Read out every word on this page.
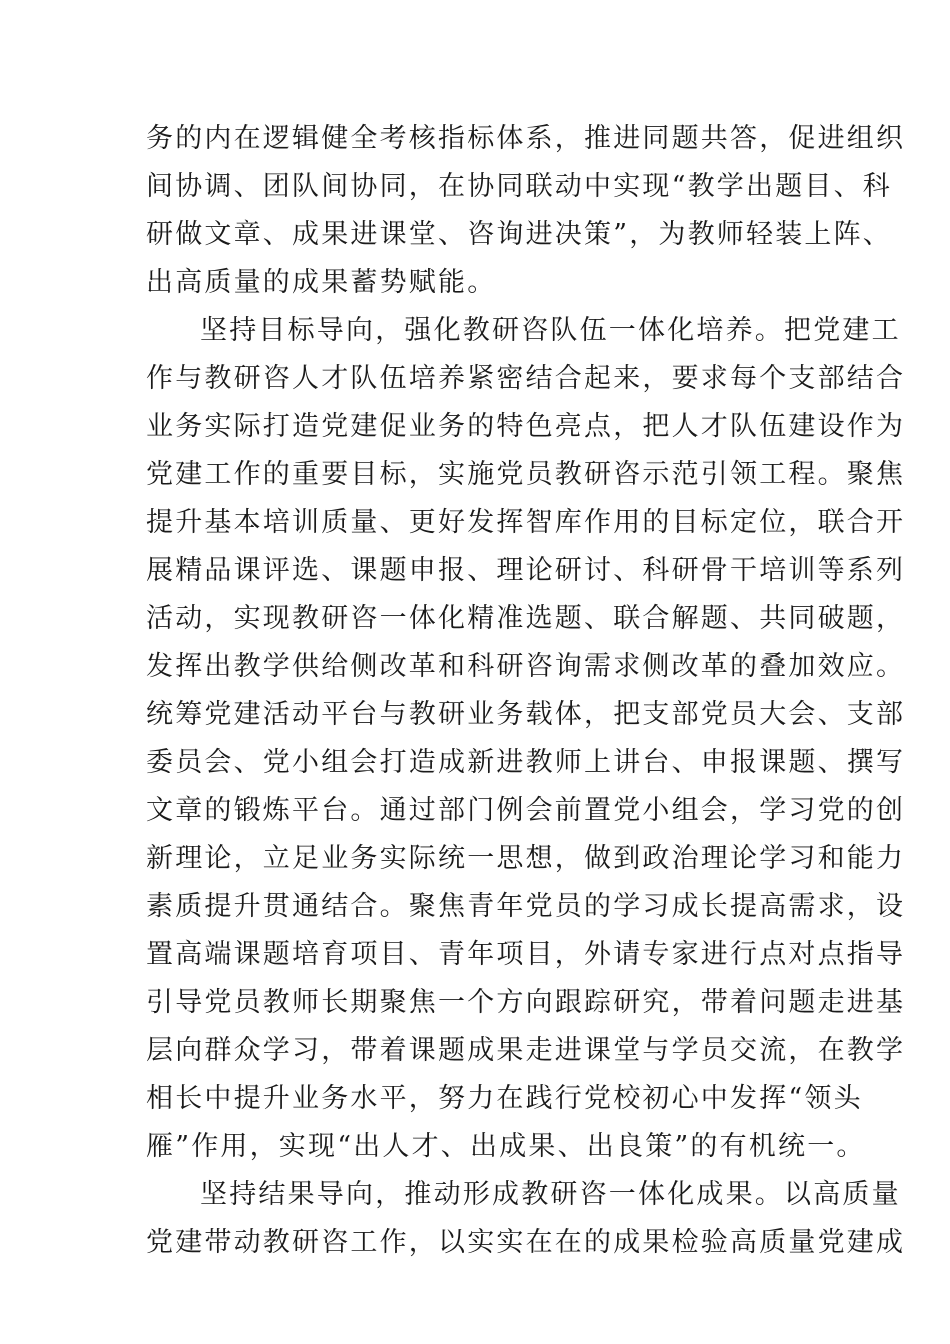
务的内在逻辑健全考核指标体系，推进同题共答，促进组织
间协调、团队间协同，在协同联动中实现“教学出题目、科
研做文章、成果进课堂、咨询进决策”，为教师轻装上阵、
出高质量的成果蓄势赋能。
坚持目标导向，强化教研咨队伍一体化培养。把党建工
作与教研咨人才队伍培养紧密结合起来，要求每个支部结合
业务实际打造党建促业务的特色亮点，把人才队伍建设作为
党建工作的重要目标，实施党员教研咨示范引领工程。聚焦
提升基本培训质量、更好发挥智库作用的目标定位，联合开
展精品课评选、课题申报、理论研讨、科研骨干培训等系列
活动，实现教研咨一体化精准选题、联合解题、共同破题，
发挥出教学供给侧改革和科研咨询需求侧改革的叠加效应。
统筹党建活动平台与教研业务载体，把支部党员大会、支部
委员会、党小组会打造成新进教师上讲台、申报课题、撰写
文章的锻炼平台。通过部门例会前置党小组会，学习党的创
新理论，立足业务实际统一思想，做到政治理论学习和能力
素质提升贯通结合。聚焦青年党员的学习成长提高需求，设
置高端课题培育项目、青年项目，外请专家进行点对点指导
引导党员教师长期聚焦一个方向跟踪研究，带着问题走进基
层向群众学习，带着课题成果走进课堂与学员交流，在教学
相长中提升业务水平，努力在践行党校初心中发挥“领头
雁”作用，实现“出人才、出成果、出良策”的有机统一。
坚持结果导向，推动形成教研咨一体化成果。以高质量
党建带动教研咨工作，以实实在在的成果检验高质量党建成
